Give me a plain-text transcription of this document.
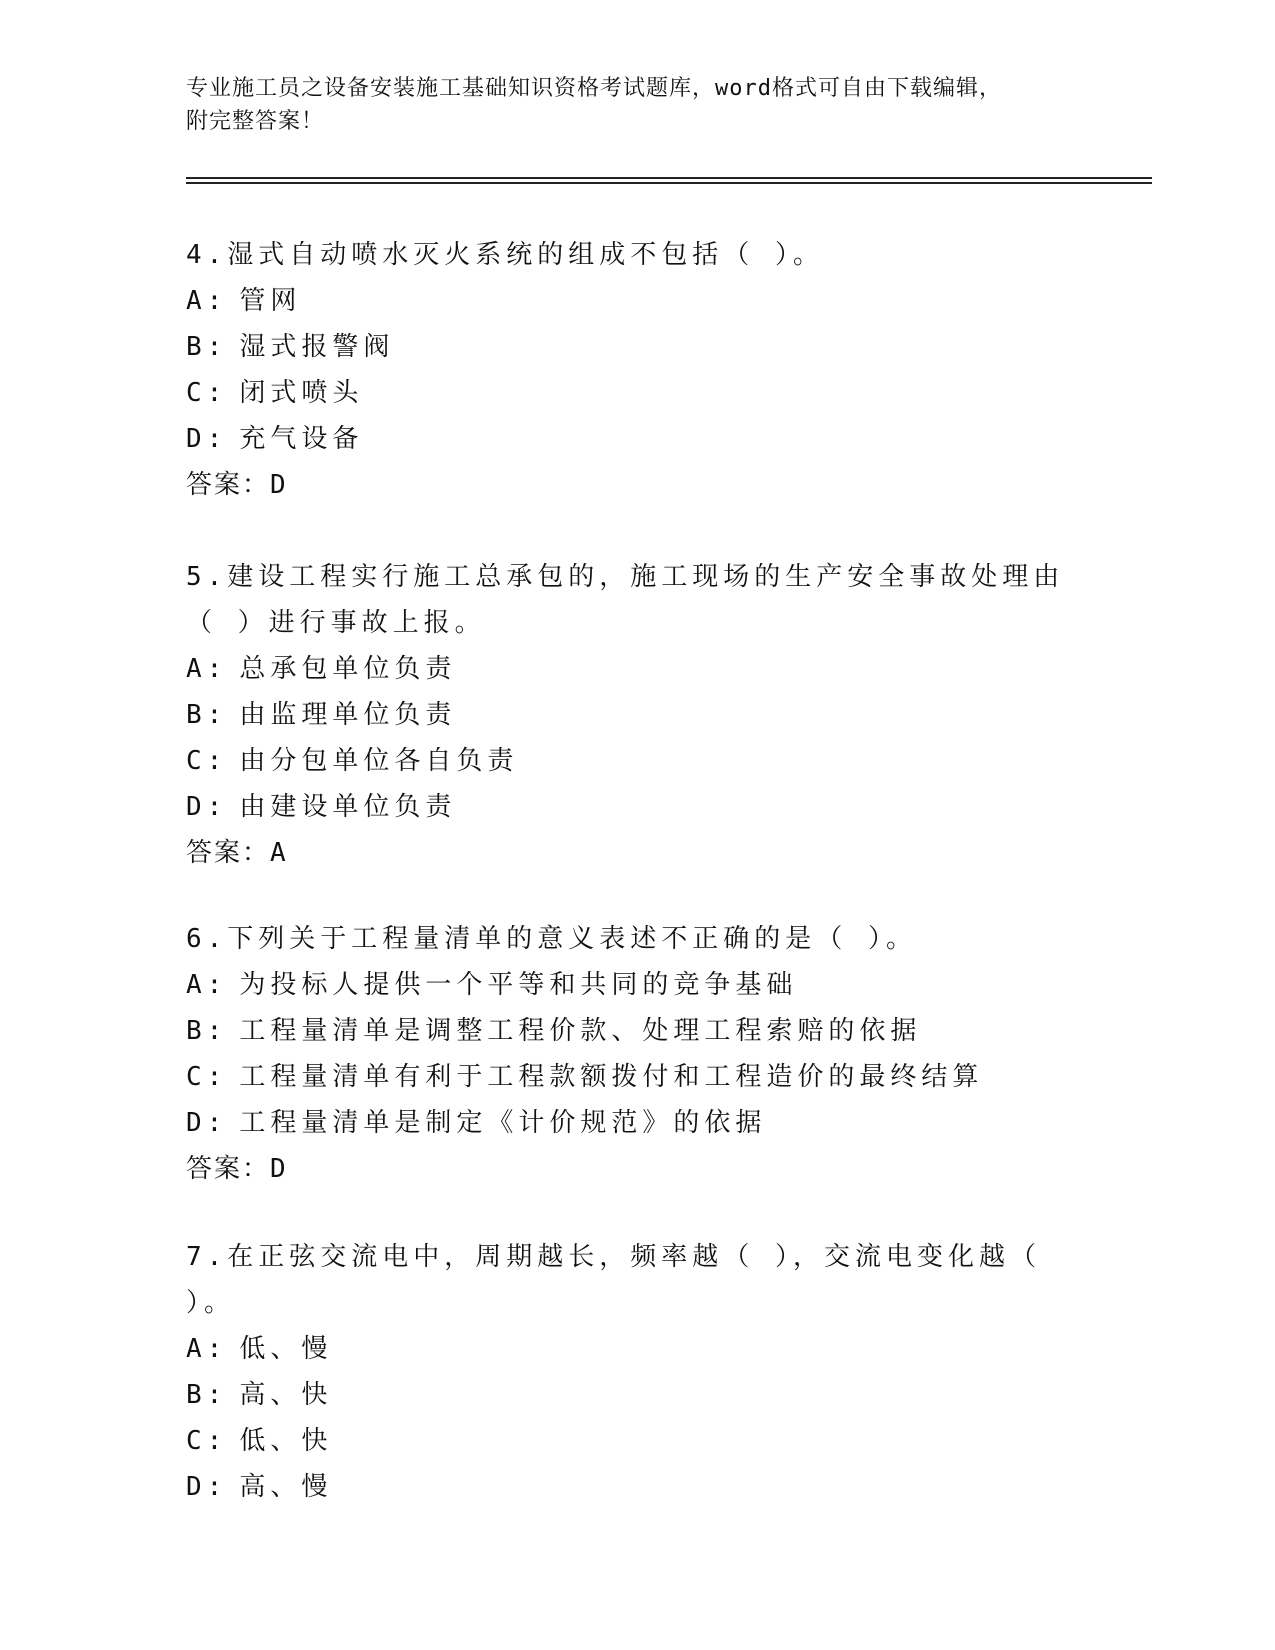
专业施工员之设备安装施工基础知识资格考试题库，word格式可自由下载编辑，
附完整答案！
4.湿式自动喷水灭火系统的组成不包括（ ）。
A: 管网
B: 湿式报警阀
C: 闭式喷头
D: 充气设备
答案：D
5.建设工程实行施工总承包的，施工现场的生产安全事故处理由（ ）进行事故上报。
A: 总承包单位负责
B: 由监理单位负责
C: 由分包单位各自负责
D: 由建设单位负责
答案：A
6.下列关于工程量清单的意义表述不正确的是（ ）。
A: 为投标人提供一个平等和共同的竞争基础
B: 工程量清单是调整工程价款、处理工程索赔的依据
C: 工程量清单有利于工程款额拨付和工程造价的最终结算
D: 工程量清单是制定《计价规范》的依据
答案：D
7.在正弦交流电中，周期越长，频率越（ ），交流电变化越（ ）。
A: 低、慢
B: 高、快
C: 低、快
D: 高、慢
